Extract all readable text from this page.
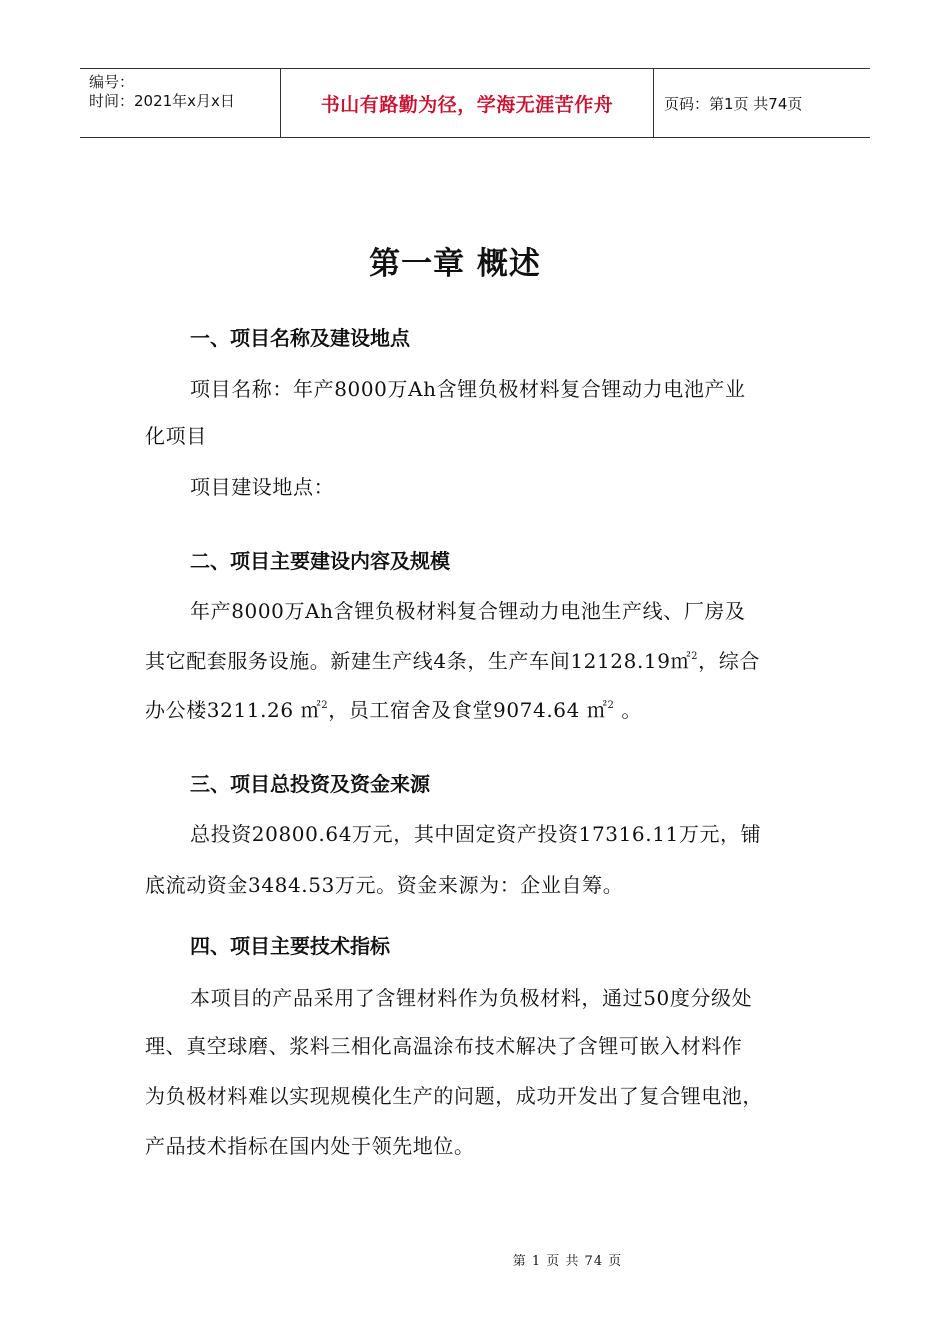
编号：
时间：2021年x月x日	书山有路勤为径，学海无涯苦作舟	页码：第1页 共74页
第一章 概述
一、项目名称及建设地点
项目名称：年产8000万Ah含锂负极材料复合锂动力电池产业
化项目
项目建设地点：
二、项目主要建设内容及规模
年产8000万Ah含锂负极材料复合锂动力电池生产线、厂房及
其它配套服务设施。新建生产线4条，生产车间12128.19㎡$^2$，综合
办公楼3211.26 ㎡$^2$，员工宿舍及食堂9074.64 ㎡$^2$ 。
三、项目总投资及资金来源
总投资20800.64万元，其中固定资产投资17316.11万元，铺
底流动资金3484.53万元。资金来源为：企业自筹。
四、项目主要技术指标
本项目的产品采用了含锂材料作为负极材料，通过50度分级处
理、真空球磨、浆料三相化高温涂布技术解决了含锂可嵌入材料作
为负极材料难以实现规模化生产的问题，成功开发出了复合锂电池，
产品技术指标在国内处于领先地位。
第 1 页 共 74 页
